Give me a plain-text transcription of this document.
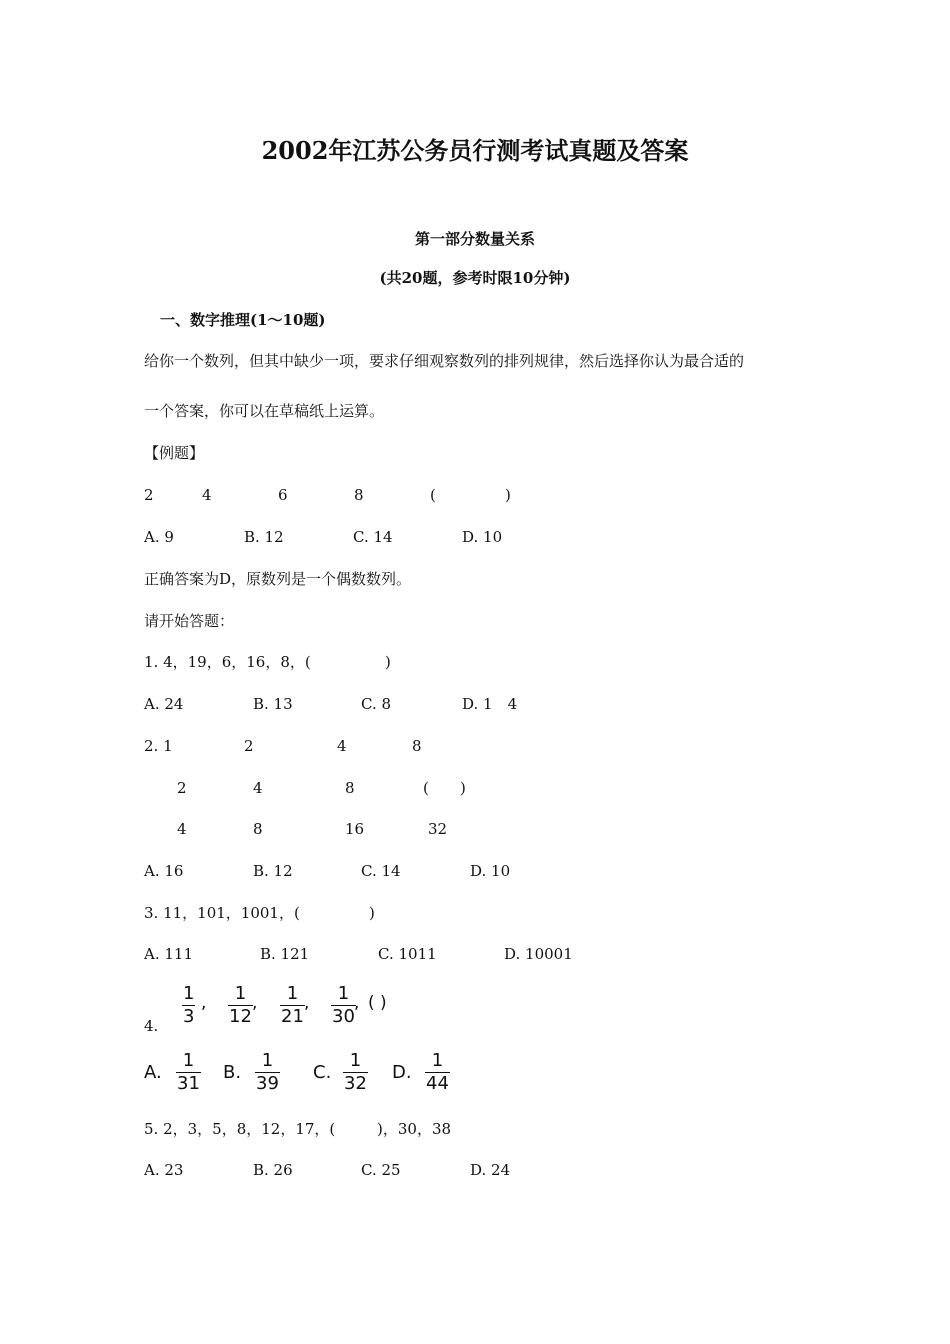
2002年江苏公务员行测考试真题及答案
第一部分数量关系
(共20题，参考时限10分钟)
一、数字推理(1～10题)
给你一个数列，但其中缺少一项，要求仔细观察数列的排列规律，然后选择你认为最合适的
一个答案，你可以在草稿纸上运算。
【例题】
2	4	6	8	(	)
A. 9	B. 12	C. 14	D. 10
正确答案为D，原数列是一个偶数数列。
请开始答题：
1. 4，19，6，16，8，(	)
A. 24	B. 13	C. 8	D. 1　4
2. 1	2	4	8
2	4	8	( )
4	8	16	32
A. 16	B. 12	C. 14	D. 10
3. 11，101，1001，(	)
A. 111	B. 121	C. 1011	D. 10001
4.
1
3
, 1
12
, 1
21
, 1
30
, ( )
A.
1
31
B.
1
39
C.
1
32
D.
1
44
5. 2，3，5，8，12，17，(	)，30，38
A. 23	B. 26	C. 25	D. 24
